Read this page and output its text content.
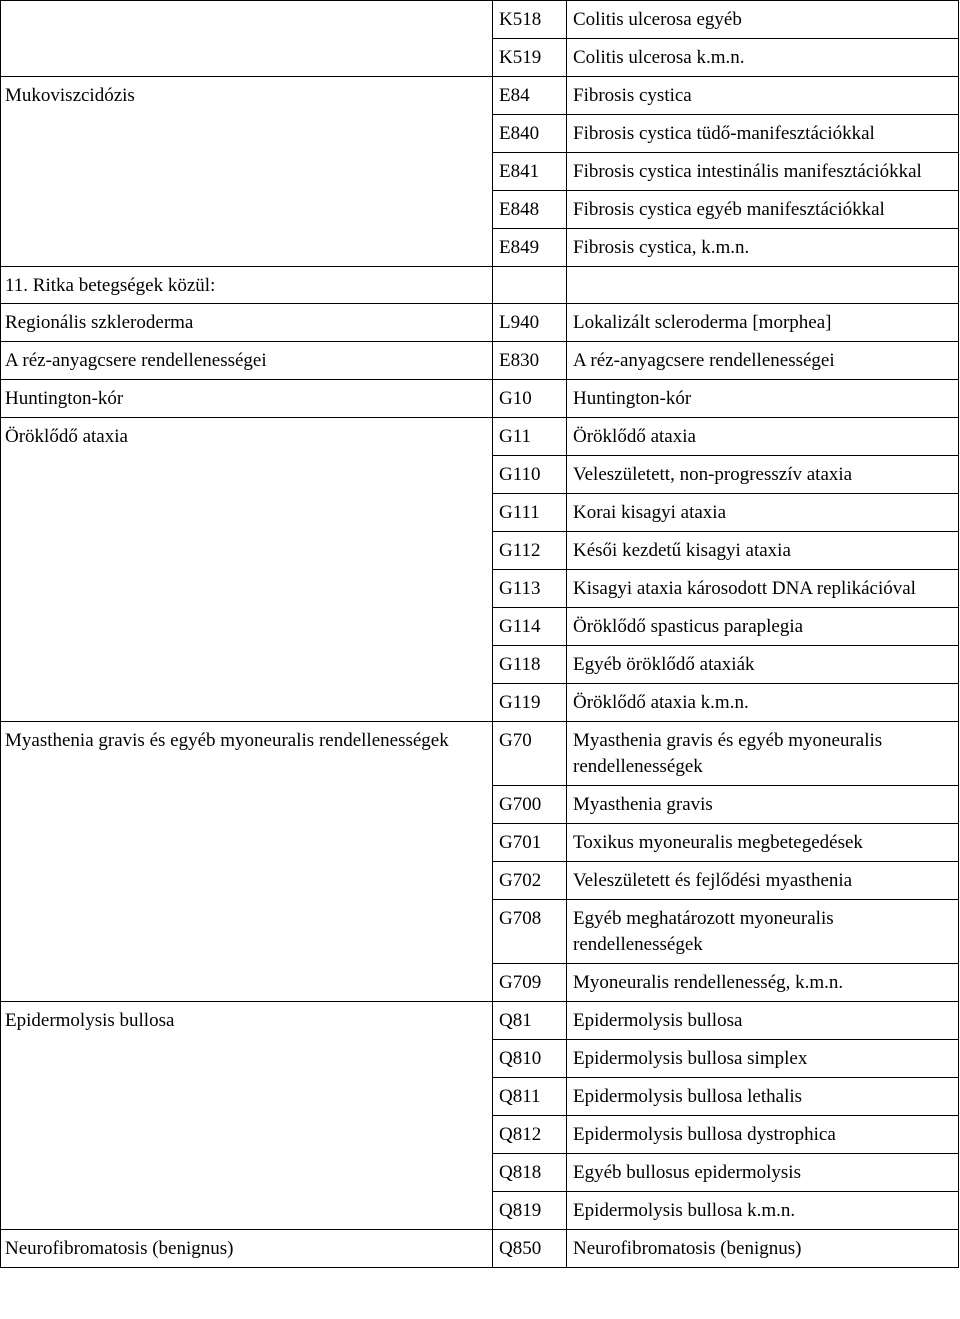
	K518	Colitis ulcerosa egyéb
	K519	Colitis ulcerosa k.m.n.
Mukoviszcidózis	E84	Fibrosis cystica
	E840	Fibrosis cystica tüdő-manifesztációkkal
	E841	Fibrosis cystica intestinális manifesztációkkal
	E848	Fibrosis cystica egyéb manifesztációkkal
	E849	Fibrosis cystica, k.m.n.
11. Ritka betegségek közül:		
Regionális szkleroderma	L940	Lokalizált scleroderma [morphea]
A réz-anyagcsere rendellenességei	E830	A réz-anyagcsere rendellenességei
Huntington-kór	G10	Huntington-kór
Öröklődő ataxia	G11	Öröklődő ataxia
	G110	Veleszületett, non-progresszív ataxia
	G111	Korai kisagyi ataxia
	G112	Késői kezdetű kisagyi ataxia
	G113	Kisagyi ataxia károsodott DNA replikációval
	G114	Öröklődő spasticus paraplegia
	G118	Egyéb öröklődő ataxiák
	G119	Öröklődő ataxia k.m.n.
Myasthenia gravis és egyéb myoneuralis rendellenességek	G70	Myasthenia gravis és egyéb myoneuralis rendellenességek
	G700	Myasthenia gravis
	G701	Toxikus myoneuralis megbetegedések
	G702	Veleszületett és fejlődési myasthenia
	G708	Egyéb meghatározott myoneuralis rendellenességek
	G709	Myoneuralis rendellenesség, k.m.n.
Epidermolysis bullosa	Q81	Epidermolysis bullosa
	Q810	Epidermolysis bullosa simplex
	Q811	Epidermolysis bullosa lethalis
	Q812	Epidermolysis bullosa dystrophica
	Q818	Egyéb bullosus epidermolysis
	Q819	Epidermolysis bullosa k.m.n.
Neurofibromatosis (benignus)	Q850	Neurofibromatosis (benignus)
